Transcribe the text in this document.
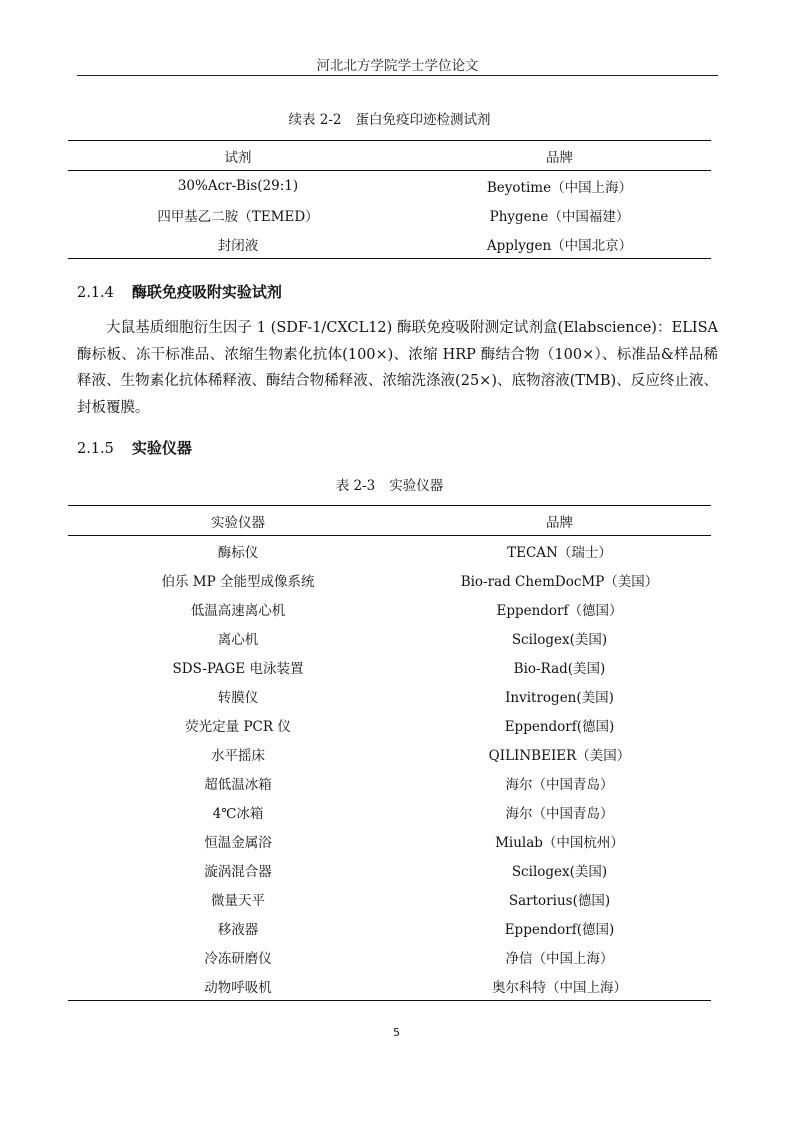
河北北方学院学士学位论文
续表 2-2 蛋白免疫印迹检测试剂
试剂	品牌
30%Acr-Bis(29:1)	Beyotime（中国上海）
四甲基乙二胺（TEMED）	Phygene（中国福建）
封闭液	Applygen（中国北京）
2.1.4 酶联免疫吸附实验试剂

大鼠基质细胞衍生因子 1 (SDF-1/CXCL12) 酶联免疫吸附测定试剂盒(Elabscience)：ELISA 酶标板、冻干标准品、浓缩生物素化抗体(100×)、浓缩 HRP 酶结合物（100×）、标准品&样品稀释液、生物素化抗体稀释液、酶结合物稀释液、浓缩洗涤液(25×)、底物溶液(TMB)、反应终止液、封板覆膜。

2.1.5 实验仪器
表 2-3 实验仪器
实验仪器	品牌
酶标仪	TECAN（瑞士）
伯乐 MP 全能型成像系统	Bio-rad ChemDocMP（美国）
低温高速离心机	Eppendorf（德国）
离心机	Scilogex(美国)
SDS-PAGE 电泳装置	Bio-Rad(美国)
转膜仪	Invitrogen(美国)
荧光定量 PCR 仪	Eppendorf(德国)
水平摇床	QILINBEIER（美国）
超低温冰箱	海尔（中国青岛）
4℃冰箱	海尔（中国青岛）
恒温金属浴	Miulab（中国杭州）
漩涡混合器	Scilogex(美国)
微量天平	Sartorius(德国)
移液器	Eppendorf(德国)
冷冻研磨仪	净信（中国上海）
动物呼吸机	奥尔科特（中国上海）
5
